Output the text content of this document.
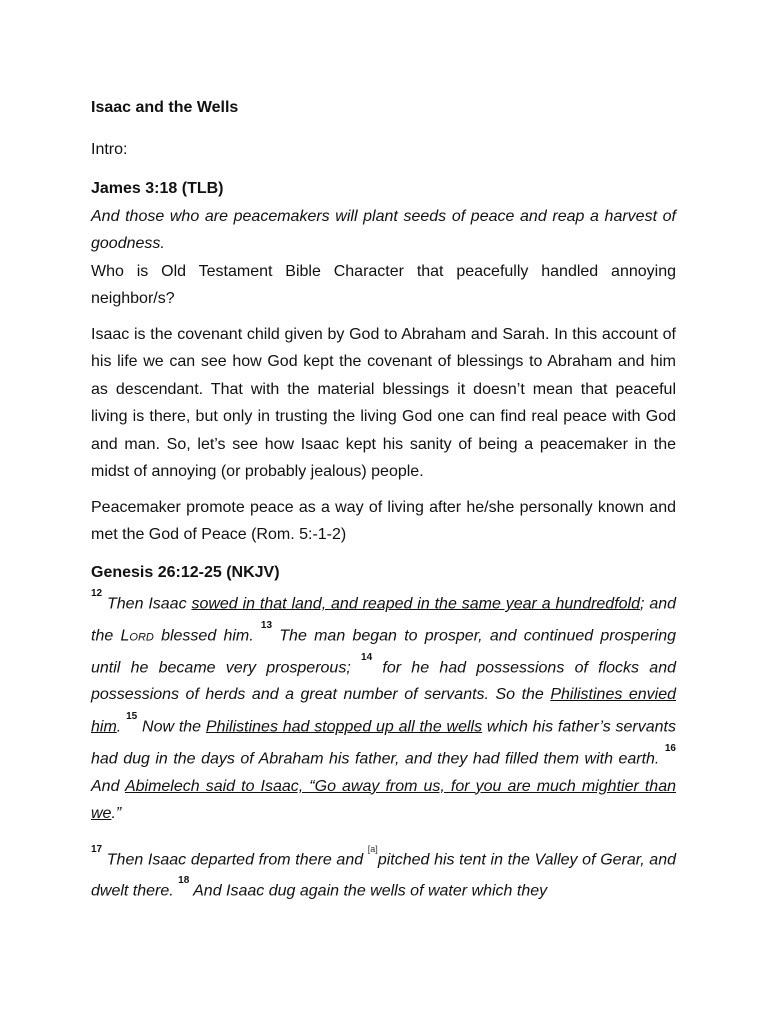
Isaac and the Wells

Intro:

James 3:18 (TLB)

And those who are peacemakers will plant seeds of peace and reap a harvest of goodness.

Who is Old Testament Bible Character that peacefully handled annoying neighbor/s?

Isaac is the covenant child given by God to Abraham and Sarah. In this account of his life we can see how God kept the covenant of blessings to Abraham and him as descendant. That with the material blessings it doesn’t mean that peaceful living is there, but only in trusting the living God one can find real peace with God and man. So, let’s see how Isaac kept his sanity of being a peacemaker in the midst of annoying (or probably jealous) people.

Peacemaker promote peace as a way of living after he/she personally known and met the God of Peace (Rom. 5:-1-2)

Genesis 26:12-25 (NKJV)

$^{12}$ Then Isaac sowed in that land, and reaped in the same year a hundredfold; and the Lord blessed him. $^{13}$ The man began to prosper, and continued prospering until he became very prosperous; $^{14}$ for he had possessions of flocks and possessions of herds and a great number of servants. So the Philistines envied him. $^{15}$ Now the Philistines had stopped up all the wells which his father’s servants had dug in the days of Abraham his father, and they had filled them with earth. $^{16}$ And Abimelech said to Isaac, “Go away from us, for you are much mightier than we.”

$^{17}$ Then Isaac departed from there and [a]pitched his tent in the Valley of Gerar, and dwelt there. $^{18}$ And Isaac dug again the wells of water which they
